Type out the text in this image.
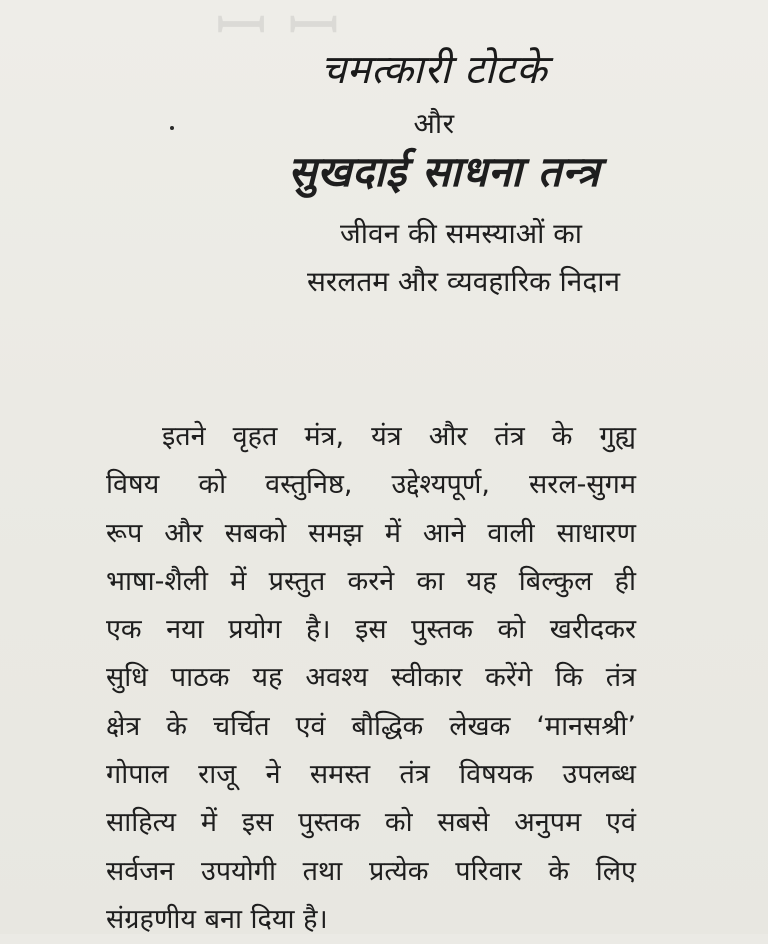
ꟷ ꟷ
चमत्कारी टोटके
और
सुखदाई साधना तन्त्र
जीवन की समस्याओं का
सरलतम और व्यवहारिक निदान
इतने वृहत मंत्र, यंत्र और तंत्र के गुह्य
विषय को वस्तुनिष्ठ, उद्देश्यपूर्ण, सरल-सुगम
रूप और सबको समझ में आने वाली साधारण
भाषा-शैली में प्रस्तुत करने का यह बिल्कुल ही
एक नया प्रयोग है। इस पुस्तक को खरीदकर
सुधि पाठक यह अवश्य स्वीकार करेंगे कि तंत्र
क्षेत्र के चर्चित एवं बौद्धिक लेखक ‘मानसश्री’
गोपाल राजू ने समस्त तंत्र विषयक उपलब्ध
साहित्य में इस पुस्तक को सबसे अनुपम एवं
सर्वजन उपयोगी तथा प्रत्येक परिवार के लिए
संग्रहणीय बना दिया है।
